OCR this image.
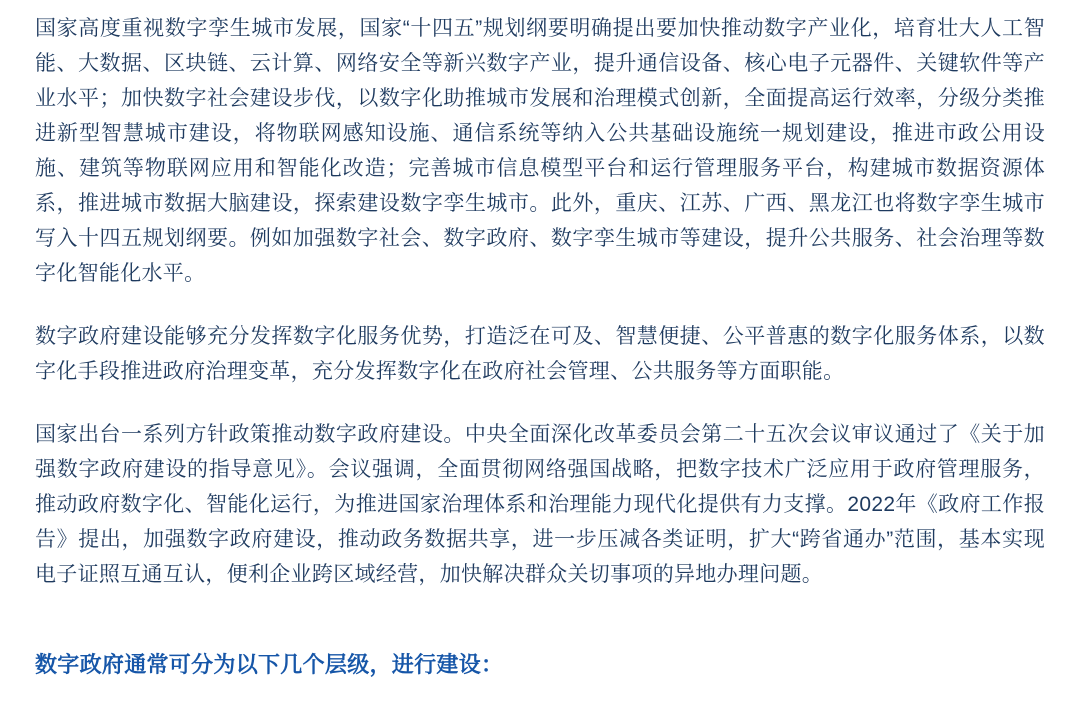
国家高度重视数字孪生城市发展，国家“十四五”规划纲要明确提出要加快推动数字产业化，培育壮大人工智能、大数据、区块链、云计算、网络安全等新兴数字产业，提升通信设备、核心电子元器件、关键软件等产业水平；加快数字社会建设步伐，以数字化助推城市发展和治理模式创新，全面提高运行效率，分级分类推进新型智慧城市建设，将物联网感知设施、通信系统等纳入公共基础设施统一规划建设，推进市政公用设施、建筑等物联网应用和智能化改造；完善城市信息模型平台和运行管理服务平台，构建城市数据资源体系，推进城市数据大脑建设，探索建设数字孪生城市。此外，重庆、江苏、广西、黑龙江也将数字孪生城市写入十四五规划纲要。例如加强数字社会、数字政府、数字孪生城市等建设，提升公共服务、社会治理等数字化智能化水平。

数字政府建设能够充分发挥数字化服务优势，打造泛在可及、智慧便捷、公平普惠的数字化服务体系，以数字化手段推进政府治理变革，充分发挥数字化在政府社会管理、公共服务等方面职能。

国家出台一系列方针政策推动数字政府建设。中央全面深化改革委员会第二十五次会议审议通过了《关于加强数字政府建设的指导意见》。会议强调，全面贯彻网络强国战略，把数字技术广泛应用于政府管理服务，推动政府数字化、智能化运行，为推进国家治理体系和治理能力现代化提供有力支撑。2022年《政府工作报告》提出，加强数字政府建设，推动政务数据共享，进一步压减各类证明，扩大“跨省通办”范围，基本实现电子证照互通互认，便利企业跨区域经营，加快解决群众关切事项的异地办理问题。

数字政府通常可分为以下几个层级，进行建设：
